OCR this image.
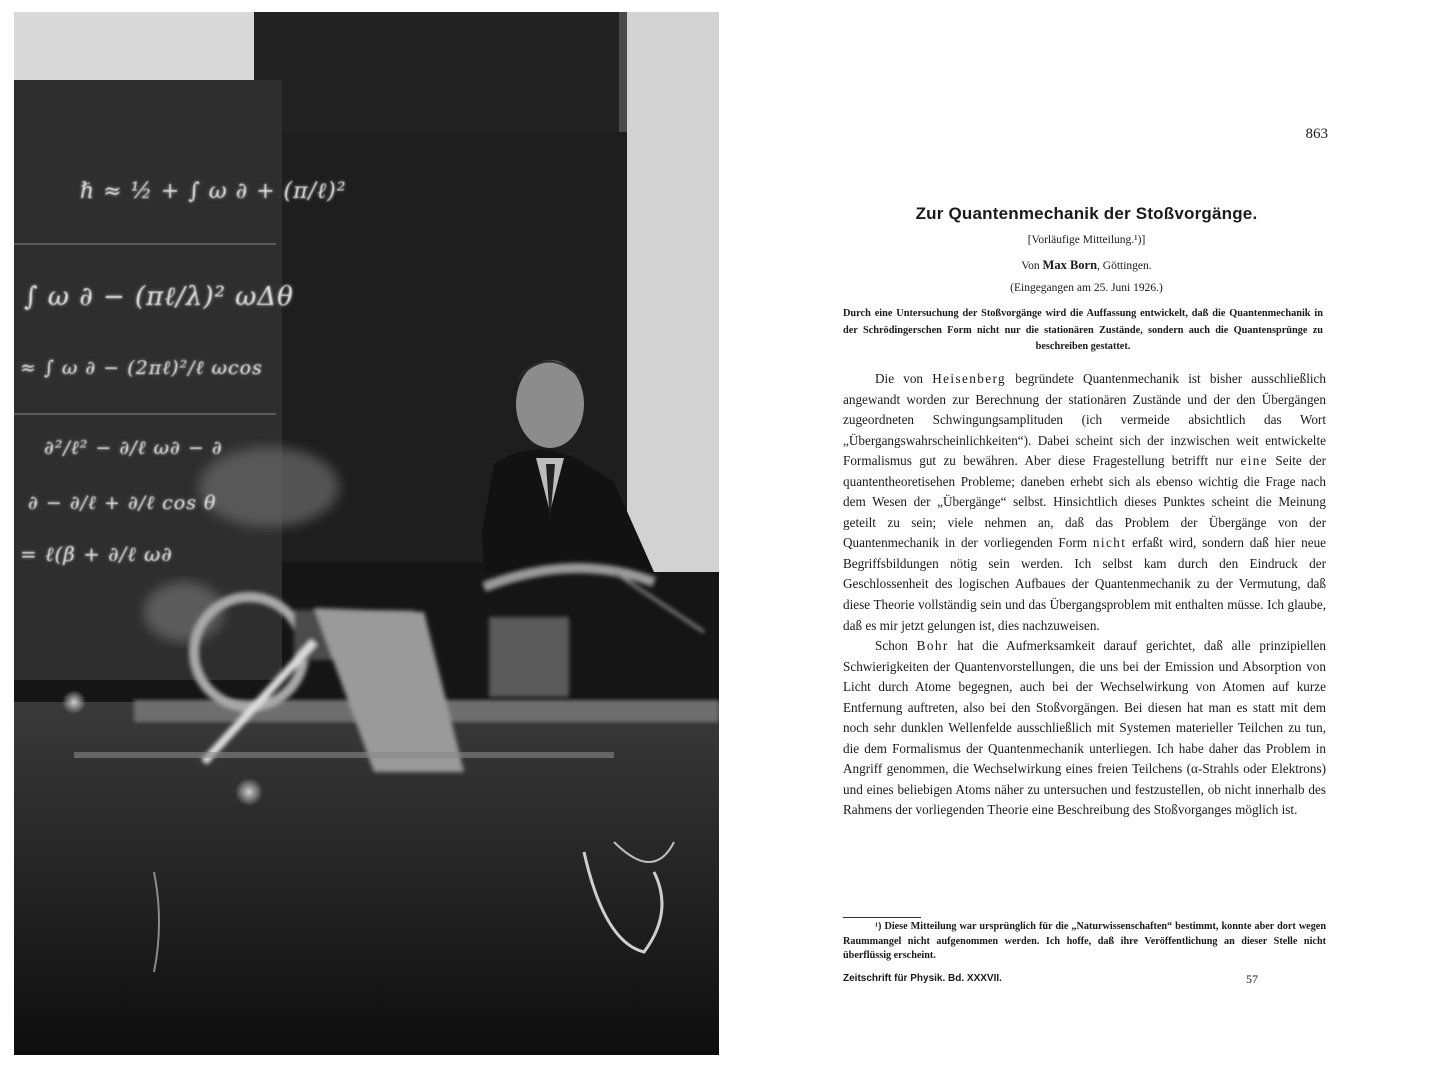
ℏ ≈ ½ + ∫ ω ∂ + (π/ℓ)²
∫ ω ∂ − (πℓ/λ)² ωΔθ
≈ ∫ ω ∂ − (2πℓ)²/ℓ ωcos
∂²/ℓ² − ∂/ℓ ω∂ − ∂
∂ − ∂/ℓ + ∂/ℓ cos θ
= ℓ(β + ∂/ℓ ω∂
863
Zur Quantenmechanik der Stoßvorgänge.
[Vorläufige Mitteilung.¹)]
Von Max Born, Göttingen.
(Eingegangen am 25. Juni 1926.)
Durch eine Untersuchung der Stoßvorgänge wird die Auffassung entwickelt, daß die Quantenmechanik in der Schrödingerschen Form nicht nur die stationären Zustände, sondern auch die Quantensprünge zu beschreiben gestattet.

Die von Heisenberg begründete Quantenmechanik ist bisher ausschließlich angewandt worden zur Berechnung der stationären Zustände und der den Übergängen zugeordneten Schwingungsamplituden (ich vermeide absichtlich das Wort „Übergangswahrscheinlichkeiten“). Dabei scheint sich der inzwischen weit entwickelte Formalismus gut zu bewähren. Aber diese Fragestellung betrifft nur eine Seite der quantentheoretisehen Probleme; daneben erhebt sich als ebenso wichtig die Frage nach dem Wesen der „Übergänge“ selbst. Hinsichtlich dieses Punktes scheint die Meinung geteilt zu sein; viele nehmen an, daß das Problem der Übergänge von der Quantenmechanik in der vorliegenden Form nicht erfaßt wird, sondern daß hier neue Begriffsbildungen nötig sein werden. Ich selbst kam durch den Eindruck der Geschlossenheit des logischen Aufbaues der Quantenmechanik zu der Vermutung, daß diese Theorie vollständig sein und das Übergangsproblem mit enthalten müsse. Ich glaube, daß es mir jetzt gelungen ist, dies nachzuweisen.

Schon Bohr hat die Aufmerksamkeit darauf gerichtet, daß alle prinzipiellen Schwierigkeiten der Quantenvorstellungen, die uns bei der Emission und Absorption von Licht durch Atome begegnen, auch bei der Wechselwirkung von Atomen auf kurze Entfernung auftreten, also bei den Stoßvorgängen. Bei diesen hat man es statt mit dem noch sehr dunklen Wellenfelde ausschließlich mit Systemen materieller Teilchen zu tun, die dem Formalismus der Quantenmechanik unterliegen. Ich habe daher das Problem in Angriff genommen, die Wechselwirkung eines freien Teilchens (α-Strahls oder Elektrons) und eines beliebigen Atoms näher zu untersuchen und festzustellen, ob nicht innerhalb des Rahmens der vorliegenden Theorie eine Beschreibung des Stoßvorganges möglich ist.

¹) Diese Mitteilung war ursprünglich für die „Naturwissenschaften“ bestimmt, konnte aber dort wegen Raummangel nicht aufgenommen werden. Ich hoffe, daß ihre Veröffentlichung an dieser Stelle nicht überflüssig erscheint.

Zeitschrift für Physik. Bd. XXXVII.	57
